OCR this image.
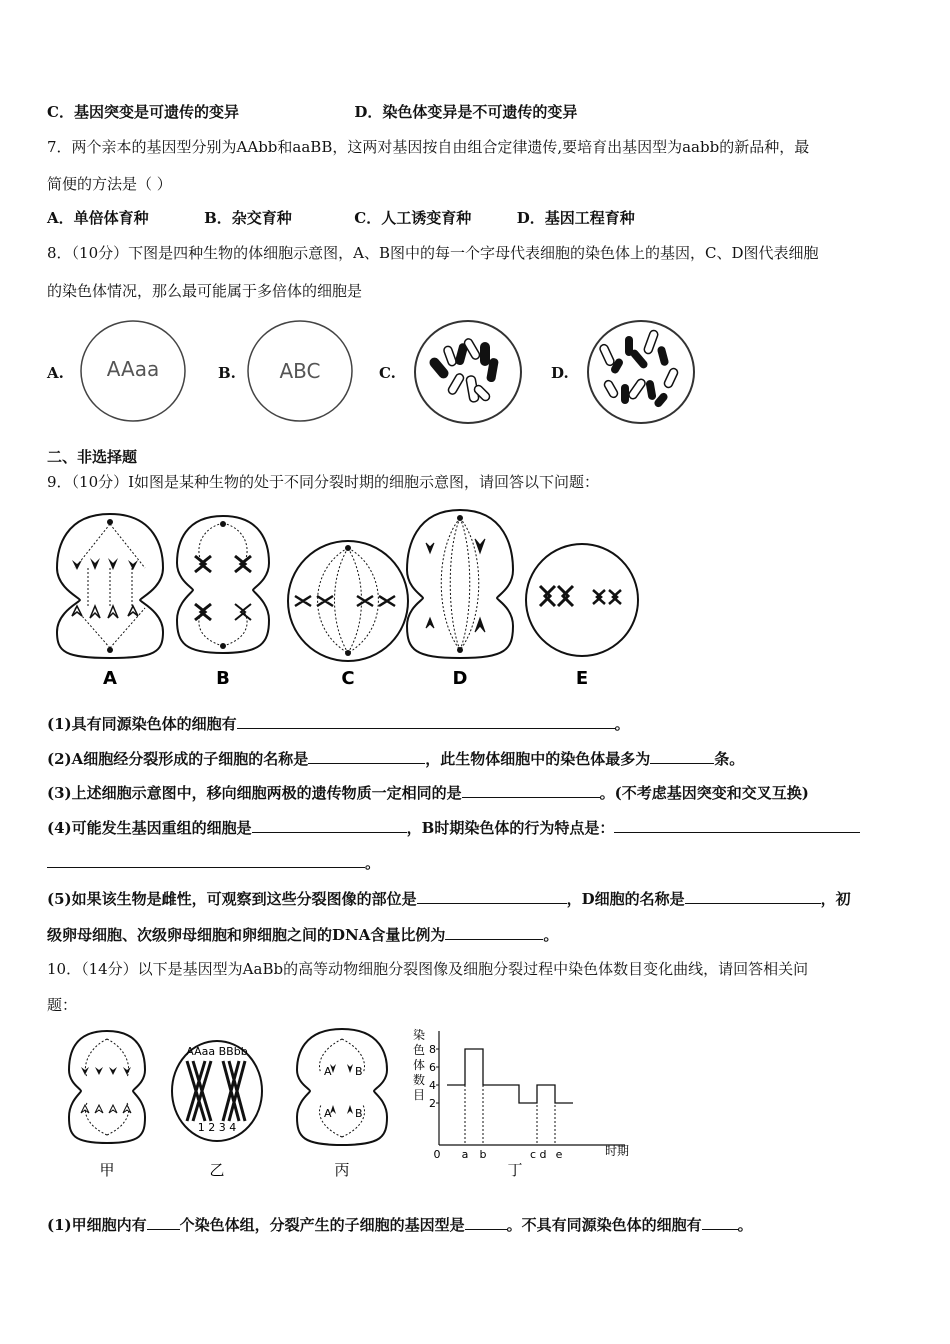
C．基因突变是可遗传的变异	D．染色体变异是不可遗传的变异
7．两个亲本的基因型分别为AAbb和aaBB，这两对基因按自由组合定律遗传,要培育出基因型为aabb的新品种，最
简便的方法是（ ）
A．单倍体育种	B．杂交育种	C．人工诱变育种	D．基因工程育种
8．（10分）下图是四种生物的体细胞示意图，A、B图中的每一个字母代表细胞的染色体上的基因，C、D图代表细胞
的染色体情况，那么最可能属于多倍体的细胞是
A.	B.	C.	D.
AAaa	ABC
二、非选择题
9．（10分）I如图是某种生物的处于不同分裂时期的细胞示意图，请回答以下问题：
A	B	C	D	E
(1)具有同源染色体的细胞有	。
(2)A细胞经分裂形成的子细胞的名称是	，此生物体细胞中的染色体最多为	条。
(3)上述细胞示意图中，移向细胞两极的遗传物质一定相同的是	。(不考虑基因突变和交叉互换)
(4)可能发生基因重组的细胞是	，B时期染色体的行为特点是：
。
(5)如果该生物是雌性，可观察到这些分裂图像的部位是	，D细胞的名称是	，初
级卵母细胞、次级卵母细胞和卵细胞之间的DNA含量比例为	。
10．（14分）以下是基因型为AaBb的高等动物细胞分裂图像及细胞分裂过程中染色体数目变化曲线，请回答相关问
题：
甲
AAaa BBbb
1 2 3 4
乙
A B
A B
丙
染
色
体
数
目
8
6
4
2
0 a b	c d e	时期
丁
(1)甲细胞内有 个染色体组，分裂产生的子细胞的基因型是	。不具有同源染色体的细胞有 。
